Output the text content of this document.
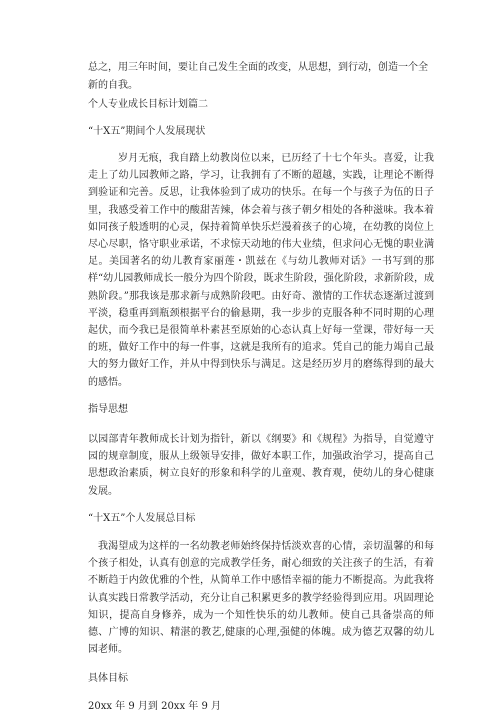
总之，用三年时间，要让自己发生全面的改变，从思想，到行动，创造一个全新的自我。

个人专业成长目标计划篇二

“十X五”期间个人发展现状

岁月无痕，我自踏上幼教岗位以来，已历经了十七个年头。喜爱，让我走上了幼儿园教师之路，学习，让我拥有了不断的超越，实践，让理论不断得到验证和完善。反思，让我体验到了成功的快乐。在每一个与孩子为伍的日子里，我感受着工作中的酸甜苦辣，体会着与孩子朝夕相处的各种滋味。我本着如同孩子般透明的心灵，保持着简单快乐烂漫着孩子的心境，在幼教的岗位上尽心尽职，恪守职业承诺，不求惊天动地的伟大业绩，但求问心无愧的职业满足。美国著名的幼儿教育家丽莲・凯兹在《与幼儿教师对话》一书写到的那样“幼儿园教师成长一般分为四个阶段，既求生阶段，强化阶段，求新阶段，成熟阶段。”那我该是那求新与成熟阶段吧。由好奇、激情的工作状态逐渐过渡到平淡，稳重再到瓶颈根据平台的偷悬期，我一步步的克服各种不同时期的心理起伏，而今我已是很简单朴素甚至原始的心态认真上好每一堂课，带好每一天的班，做好工作中的每一件事，这就是我所有的追求。凭自己的能力竭自己最大的努力做好工作，并从中得到快乐与满足。这是经历岁月的磨练得到的最大的感悟。

指导思想

以园部青年教师成长计划为指针，新以《纲要》和《规程》为指导，自觉遵守园的规章制度，服从上级领导安排，做好本职工作，加强政治学习，提高自己思想政治素质，树立良好的形象和科学的儿童观、教育观，使幼儿的身心健康发展。

“十X五”个人发展总目标

我渴望成为这样的一名幼教老师始终保持恬淡欢喜的心情，亲切温馨的和每个孩子相处，认真有创意的完成教学任务，耐心细致的关注孩子的生活，有着不断趋于内敛优雅的个性，从简单工作中感悟幸福的能力不断提高。为此我将认真实践日常教学活动，充分让自己积累更多的教学经验得到应用。巩固理论知识，提高自身修养，成为一个知性快乐的幼儿教师。使自己具备崇高的师德、广博的知识、精湛的教艺,健康的心理,强健的体魄。成为德艺双馨的幼儿园老师。

具体目标

20xx 年 9 月到 20xx 年 9 月
